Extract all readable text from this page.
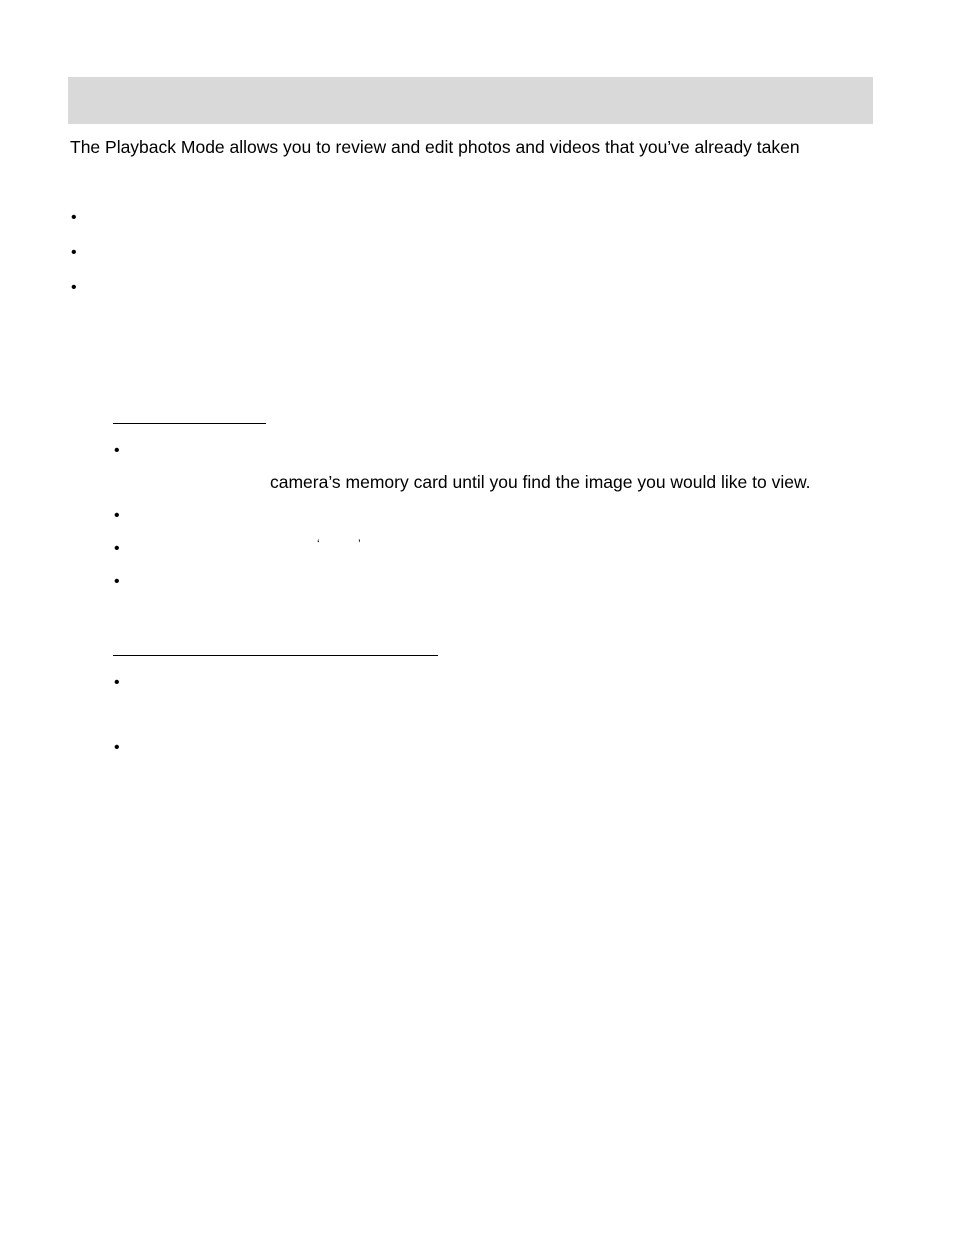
The Playback Mode allows you to review and edit photos and videos that you’ve already taken
•
•
•
•
camera’s memory card until you find the image you would like to view.
•
•	‘	’
•
•
•
